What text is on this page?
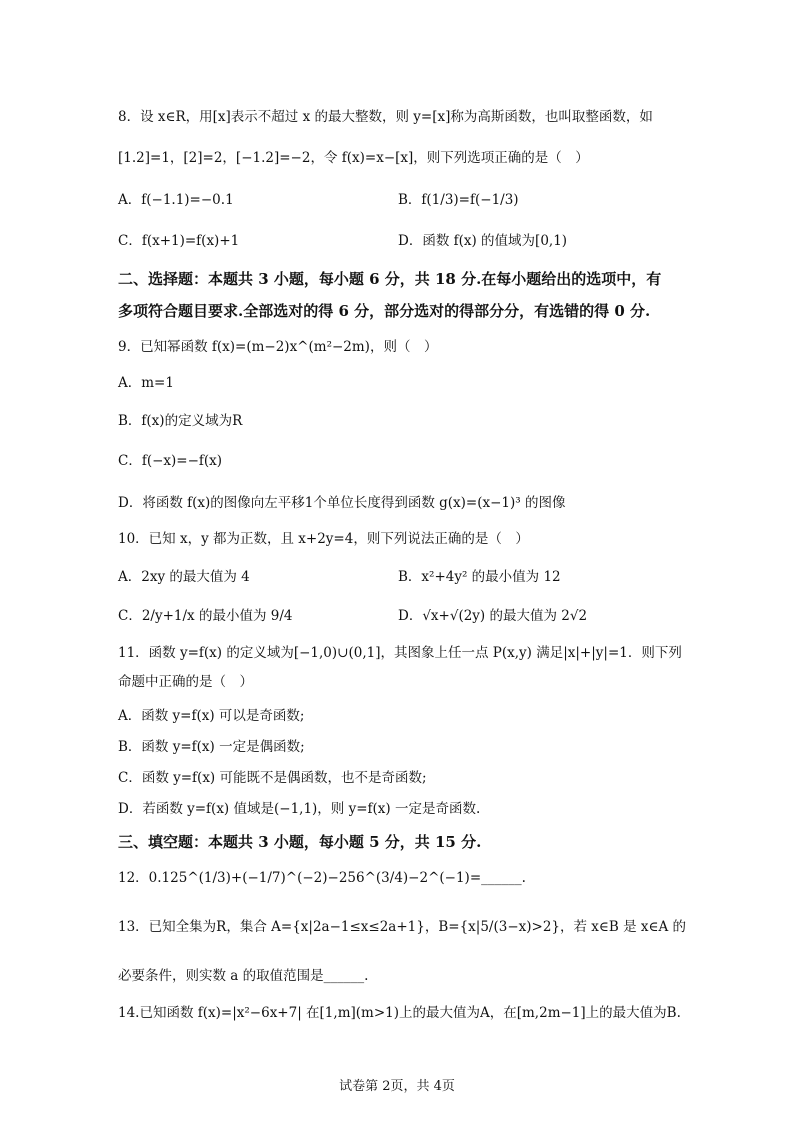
8．设 x∈R，用[x]表示不超过 x 的最大整数，则 y=[x]称为高斯函数，也叫取整函数，如
[1.2]=1，[2]=2，[−1.2]=−2，令 f(x)=x−[x]，则下列选项正确的是（　）
A．f(−1.1)=−0.1	B．f(1/3)=f(−1/3)
C．f(x+1)=f(x)+1	D．函数 f(x) 的值域为[0,1)
二、选择题：本题共 3 小题，每小题 6 分，共 18 分.在每小题给出的选项中，有
多项符合题目要求.全部选对的得 6 分，部分选对的得部分分，有选错的得 0 分.
9．已知幂函数 f(x)=(m−2)x^(m²−2m)，则（　）
A．m=1
B．f(x)的定义域为R
C．f(−x)=−f(x)
D．将函数 f(x)的图像向左平移1个单位长度得到函数 g(x)=(x−1)³ 的图像
10．已知 x，y 都为正数，且 x+2y=4，则下列说法正确的是（　）
A．2xy 的最大值为 4	B．x²+4y² 的最小值为 12
C．2/y+1/x 的最小值为 9/4	D．√x+√(2y) 的最大值为 2√2
11．函数 y=f(x) 的定义域为[−1,0)∪(0,1]，其图象上任一点 P(x,y) 满足|x|+|y|=1．则下列
命题中正确的是（　）
A．函数 y=f(x) 可以是奇函数;
B．函数 y=f(x) 一定是偶函数;
C．函数 y=f(x) 可能既不是偶函数，也不是奇函数;
D．若函数 y=f(x) 值域是(−1,1)，则 y=f(x) 一定是奇函数.
三、填空题：本题共 3 小题，每小题 5 分，共 15 分.
12．0.125^(1/3)+(−1/7)^(−2)−256^(3/4)−2^(−1)=______.
13．已知全集为R，集合 A={x|2a−1≤x≤2a+1}，B={x|5/(3−x)>2}，若 x∈B 是 x∈A 的
必要条件，则实数 a 的取值范围是______.
14.已知函数 f(x)=|x²−6x+7| 在[1,m](m>1)上的最大值为A，在[m,2m−1]上的最大值为B.
试卷第 2页，共 4页
